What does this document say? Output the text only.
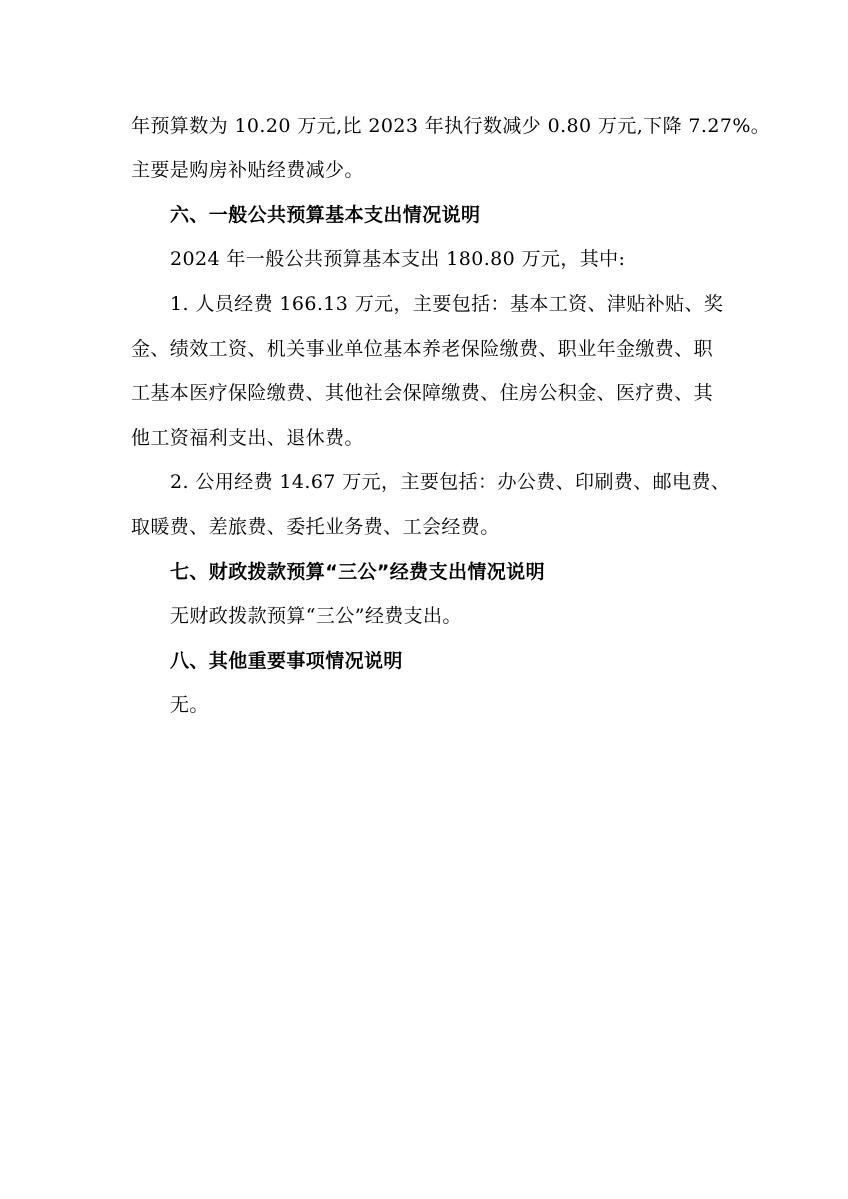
年预算数为 10.20 万元,比 2023 年执行数减少 0.80 万元,下降 7.27%。
主要是购房补贴经费减少。
六、一般公共预算基本支出情况说明
2024 年一般公共预算基本支出 180.80 万元，其中:
1. 人员经费 166.13 万元，主要包括：基本工资、津贴补贴、奖
金、绩效工资、机关事业单位基本养老保险缴费、职业年金缴费、职
工基本医疗保险缴费、其他社会保障缴费、住房公积金、医疗费、其
他工资福利支出、退休费。
2. 公用经费 14.67 万元，主要包括：办公费、印刷费、邮电费、
取暖费、差旅费、委托业务费、工会经费。
七、财政拨款预算“三公”经费支出情况说明
无财政拨款预算“三公”经费支出。
八、其他重要事项情况说明
无。
